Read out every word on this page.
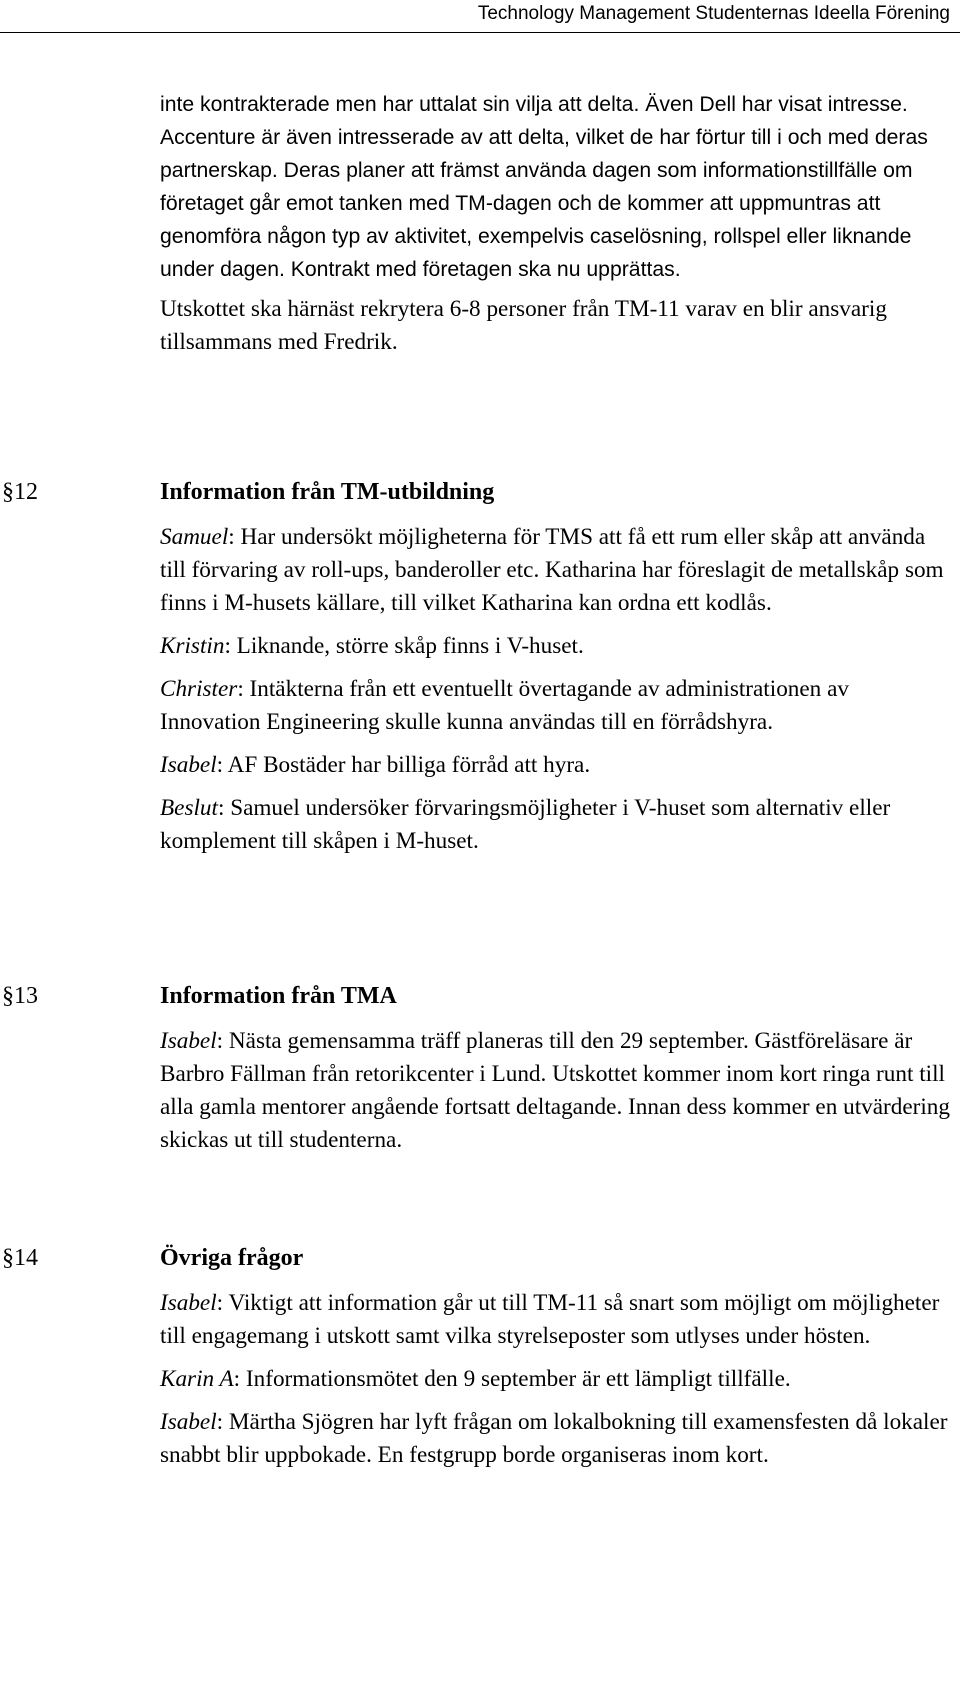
Technology Management Studenternas Ideella Förening

inte kontrakterade men har uttalat sin vilja att delta. Även Dell har visat intresse. Accenture är även intresserade av att delta, vilket de har förtur till i och med deras partnerskap. Deras planer att främst använda dagen som informationstillfälle om företaget går emot tanken med TM-dagen och de kommer att uppmuntras att genomföra någon typ av aktivitet, exempelvis caselösning, rollspel eller liknande under dagen. Kontrakt med företagen ska nu upprättas.

Utskottet ska härnäst rekrytera 6-8 personer från TM-11 varav en blir ansvarig tillsammans med Fredrik.

§12	Information från TM-utbildning

Samuel: Har undersökt möjligheterna för TMS att få ett rum eller skåp att använda till förvaring av roll-ups, banderoller etc. Katharina har föreslagit de metallskåp som finns i M-husets källare, till vilket Katharina kan ordna ett kodlås.

Kristin: Liknande, större skåp finns i V-huset.

Christer: Intäkterna från ett eventuellt övertagande av administrationen av Innovation Engineering skulle kunna användas till en förrådshyra.

Isabel: AF Bostäder har billiga förråd att hyra.

Beslut: Samuel undersöker förvaringsmöjligheter i V-huset som alternativ eller komplement till skåpen i M-huset.

§13	Information från TMA

Isabel: Nästa gemensamma träff planeras till den 29 september. Gästföreläsare är Barbro Fällman från retorikcenter i Lund. Utskottet kommer inom kort ringa runt till alla gamla mentorer angående fortsatt deltagande. Innan dess kommer en utvärdering skickas ut till studenterna.

§14	Övriga frågor

Isabel: Viktigt att information går ut till TM-11 så snart som möjligt om möjligheter till engagemang i utskott samt vilka styrelseposter som utlyses under hösten.

Karin A: Informationsmötet den 9 september är ett lämpligt tillfälle.

Isabel: Märtha Sjögren har lyft frågan om lokalbokning till examensfesten då lokaler snabbt blir uppbokade. En festgrupp borde organiseras inom kort.
